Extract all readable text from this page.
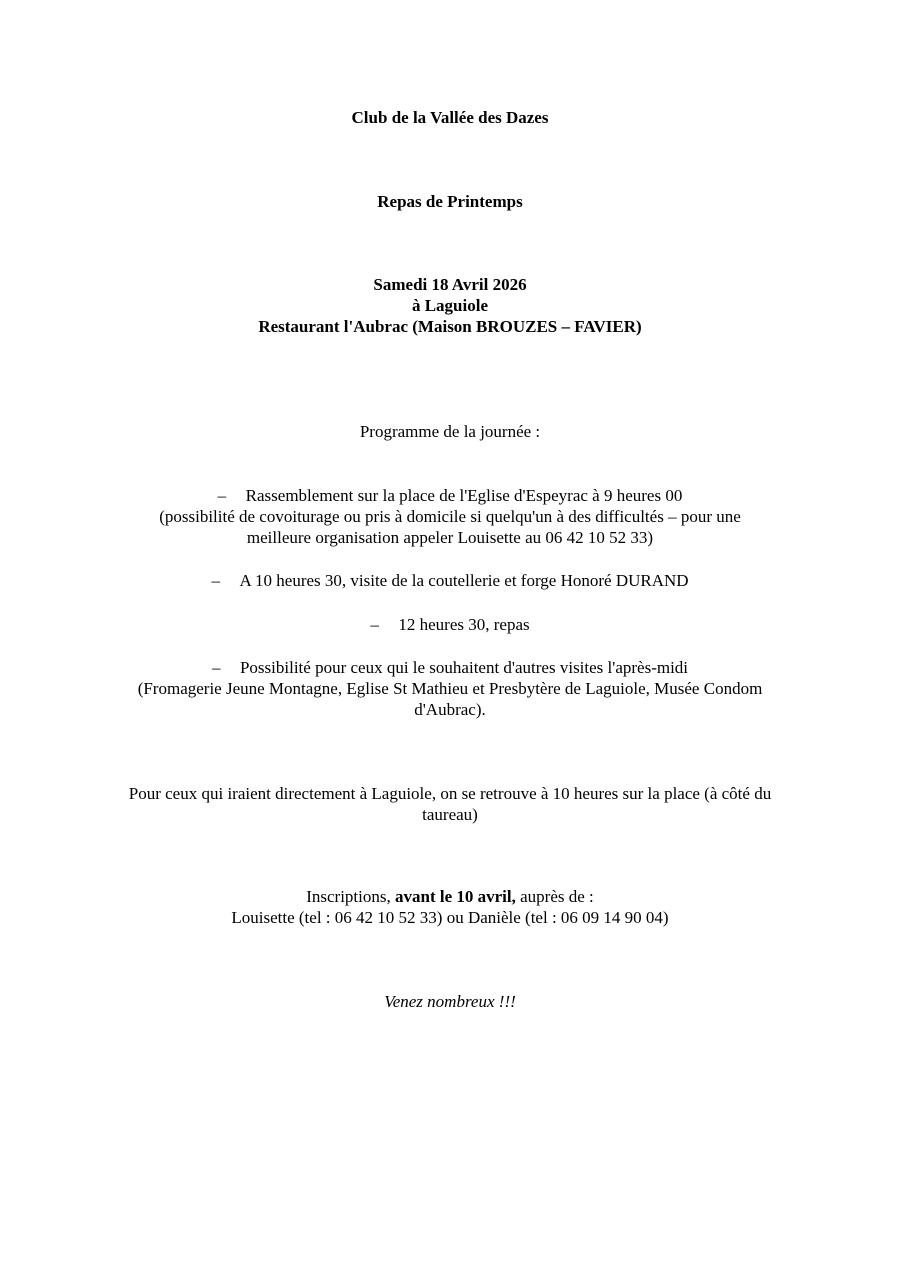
Club de la Vallée des Dazes
Repas de Printemps
Samedi 18 Avril 2026
à Laguiole
Restaurant l'Aubrac (Maison BROUZES – FAVIER)
Programme de la journée :
– Rassemblement sur la place de l'Eglise d'Espeyrac à 9 heures 00
(possibilité de covoiturage ou pris à domicile si quelqu'un à des difficultés – pour une
meilleure organisation appeler Louisette au 06 42 10 52 33)
– A 10 heures 30, visite de la coutellerie et forge Honoré DURAND
– 12 heures 30, repas
– Possibilité pour ceux qui le souhaitent d'autres visites l'après-midi
(Fromagerie Jeune Montagne, Eglise St Mathieu et Presbytère de Laguiole, Musée Condom
d'Aubrac).
Pour ceux qui iraient directement à Laguiole, on se retrouve à 10 heures sur la place (à côté du
taureau)
Inscriptions, avant le 10 avril, auprès de :
Louisette (tel : 06 42 10 52 33) ou Danièle (tel : 06 09 14 90 04)
Venez nombreux !!!
